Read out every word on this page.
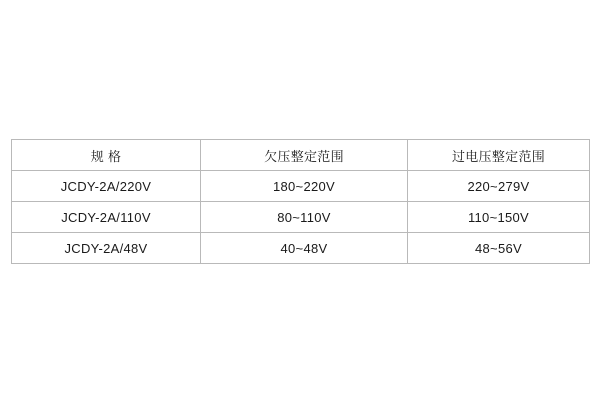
规 格	欠压整定范围	过电压整定范围
JCDY-2A/220V	180~220V	220~279V
JCDY-2A/110V	80~110V	110~150V
JCDY-2A/48V	40~48V	48~56V
